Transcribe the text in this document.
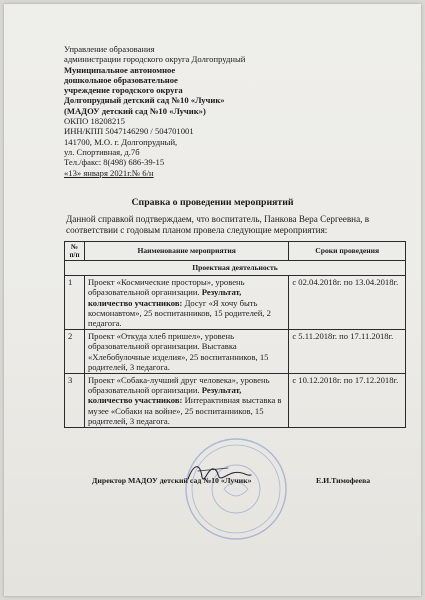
Управление образования
администрации городского округа Долгопрудный
Муниципальное автономное
дошкольное образовательное
учреждение городского округа
Долгопрудный детский сад №10 «Лучик»
(МАДОУ детский сад №10 «Лучик»)
ОКПО 18208215
ИНН/КПП 5047146290 / 504701001
141700, М.О. г. Долгопрудный,
ул. Спортивная, д.7б
Тел./факс: 8(498) 686-39-15
«13» января 2021г.№ 6/н
Справка о проведении мероприятий
Данной справкой подтверждаем, что воспитатель, Панкова Вера Сергеевна, в соответствии с годовым планом провела следующие мероприятия:
№ п/п	Наименование мероприятия	Сроки проведения
Проектная деятельность		
1	Проект «Космические просторы», уровень образовательной организации. Результат, количество участников: Досуг «Я хочу быть космонавтом», 25 воспитанников, 15 родителей, 2 педагога.	с 02.04.2018г. по 13.04.2018г.
2	Проект «Откуда хлеб пришел», уровень образовательной организации. Выставка «Хлебобулочные изделия», 25 воспитанников, 15 родителей, 3 педагога.	с 5.11.2018г. по 17.11.2018г.
3	Проект «Собака-лучший друг человека», уровень образовательной организации. Результат, количество участников: Интерактивная выставка в музее «Собаки на войне», 25 воспитанников, 15 родителей, 3 педагога.	с 10.12.2018г. по 17.12.2018г.
Директор МАДОУ детский сад №10 «Лучик»	Е.И.Тимофеева
